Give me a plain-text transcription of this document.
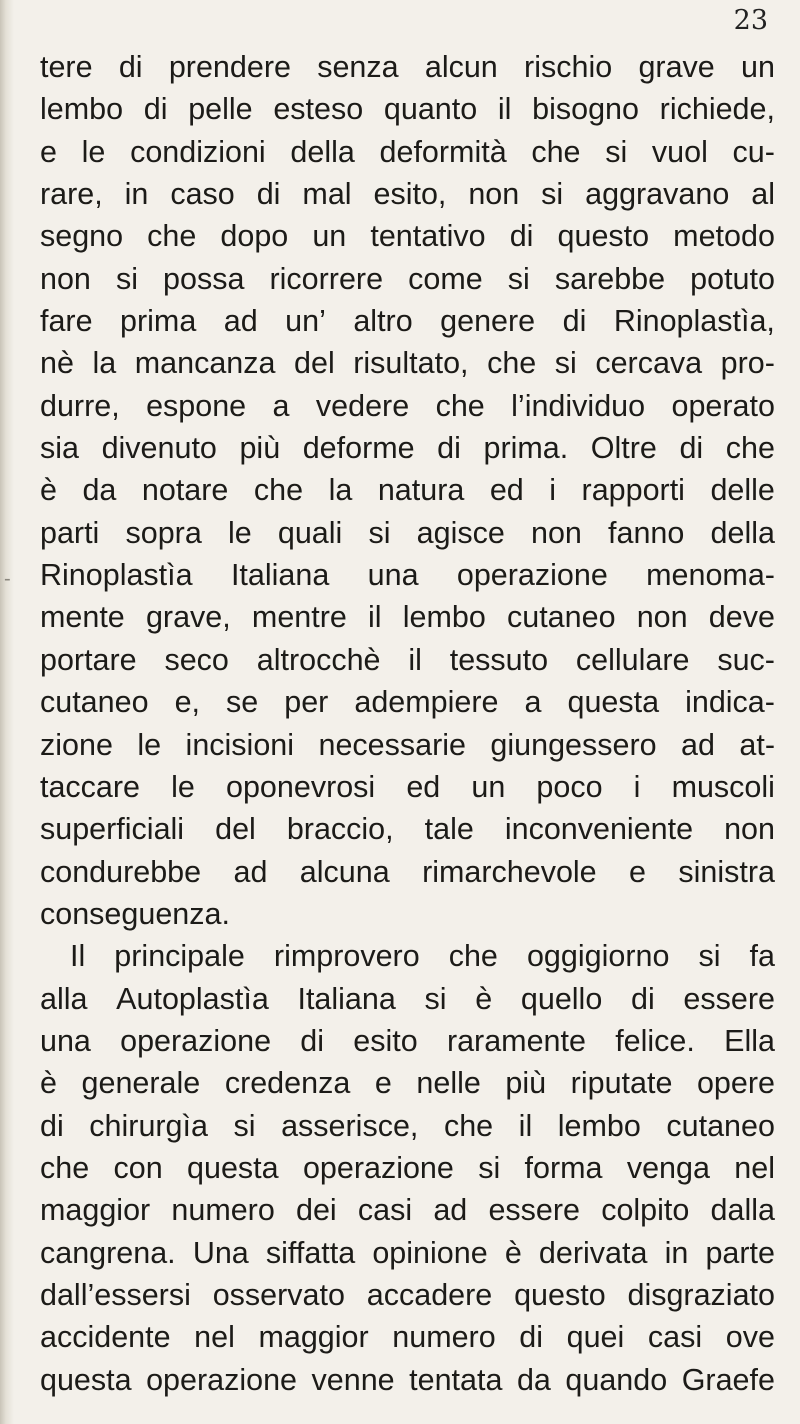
-
23
tere di prendere senza alcun rischio grave un
lembo di pelle esteso quanto il bisogno richiede,
e le condizioni della deformità che si vuol cu-
rare, in caso di mal esito, non si aggravano al
segno che dopo un tentativo di questo metodo
non si possa ricorrere come si sarebbe potuto
fare prima ad un’ altro genere di Rinoplastìa,
nè la mancanza del risultato, che si cercava pro-
durre, espone a vedere che l’individuo operato
sia divenuto più deforme di prima. Oltre di che
è da notare che la natura ed i rapporti delle
parti sopra le quali si agisce non fanno della
Rinoplastìa Italiana una operazione menoma-
mente grave, mentre il lembo cutaneo non deve
portare seco altrocchè il tessuto cellulare suc-
cutaneo e, se per adempiere a questa indica-
zione le incisioni necessarie giungessero ad at-
taccare le oponevrosi ed un poco i muscoli
superficiali del braccio, tale inconveniente non
condurebbe ad alcuna rimarchevole e sinistra
conseguenza.
Il principale rimprovero che oggigiorno si fa
alla Autoplastìa Italiana si è quello di essere
una operazione di esito raramente felice. Ella
è generale credenza e nelle più riputate opere
di chirurgìa si asserisce, che il lembo cutaneo
che con questa operazione si forma venga nel
maggior numero dei casi ad essere colpito dalla
cangrena. Una siffatta opinione è derivata in parte
dall’essersi osservato accadere questo disgraziato
accidente nel maggior numero di quei casi ove
questa operazione venne tentata da quando Graefe
